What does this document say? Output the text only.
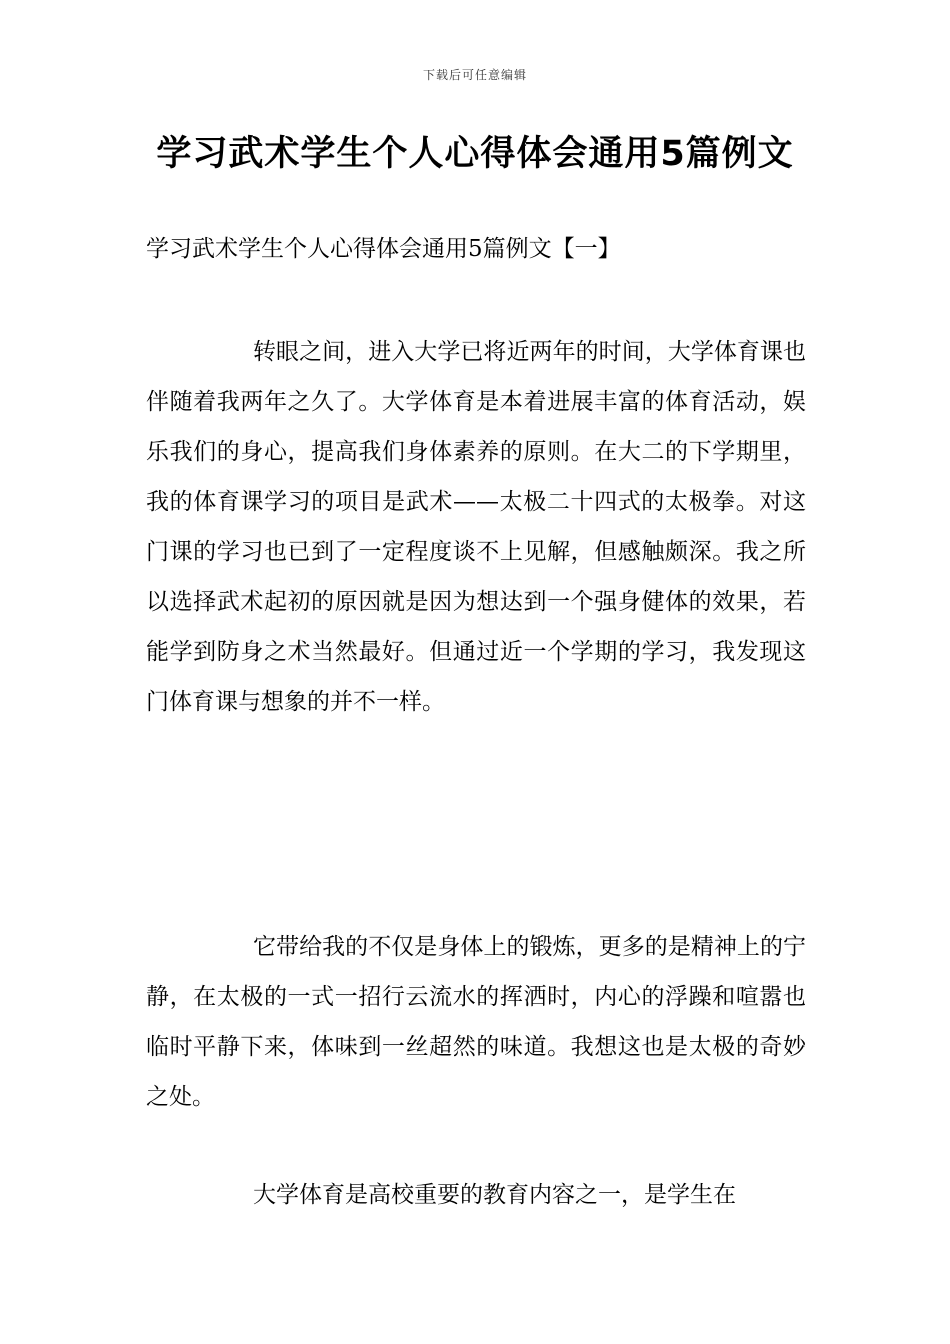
下载后可任意编辑
学习武术学生个人心得体会通用5篇例文
学习武术学生个人心得体会通用5篇例文【一】

转眼之间，进入大学已将近两年的时间，大学体育课也伴随着我两年之久了。大学体育是本着进展丰富的体育活动，娱乐我们的身心，提高我们身体素养的原则。在大二的下学期里，我的体育课学习的项目是武术——太极二十四式的太极拳。对这门课的学习也已到了一定程度谈不上见解，但感触颇深。我之所以选择武术起初的原因就是因为想达到一个强身健体的效果，若能学到防身之术当然最好。但通过近一个学期的学习，我发现这门体育课与想象的并不一样。

它带给我的不仅是身体上的锻炼，更多的是精神上的宁静，在太极的一式一招行云流水的挥洒时，内心的浮躁和喧嚣也临时平静下来，体味到一丝超然的味道。我想这也是太极的奇妙之处。

大学体育是高校重要的教育内容之一，是学生在
